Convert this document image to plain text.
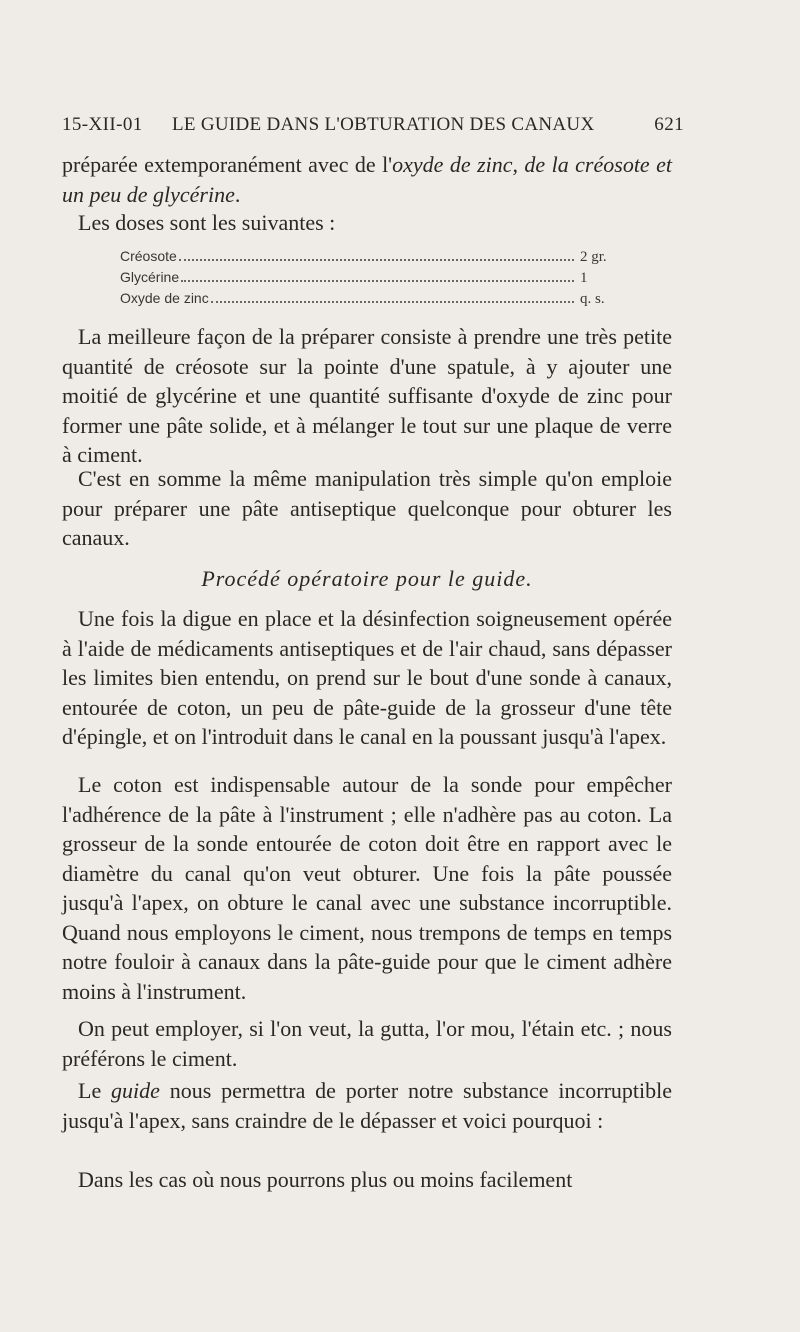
15-XII-01 LE GUIDE DANS L'OBTURATION DES CANAUX	621

préparée extemporanément avec de l'oxyde de zinc, de la créosote et un peu de glycérine.

Les doses sont les suivantes :

Créosote	2 gr.
Glycérine	1
Oxyde de zinc	q. s.

La meilleure façon de la préparer consiste à prendre une très petite quantité de créosote sur la pointe d'une spatule, à y ajouter une moitié de glycérine et une quantité suffisante d'oxyde de zinc pour former une pâte solide, et à mélanger le tout sur une plaque de verre à ciment.

C'est en somme la même manipulation très simple qu'on emploie pour préparer une pâte antiseptique quelconque pour obturer les canaux.

Procédé opératoire pour le guide.

Une fois la digue en place et la désinfection soigneusement opérée à l'aide de médicaments antiseptiques et de l'air chaud, sans dépasser les limites bien entendu, on prend sur le bout d'une sonde à canaux, entourée de coton, un peu de pâte-guide de la grosseur d'une tête d'épingle, et on l'introduit dans le canal en la poussant jusqu'à l'apex.

Le coton est indispensable autour de la sonde pour empêcher l'adhérence de la pâte à l'instrument ; elle n'adhère pas au coton. La grosseur de la sonde entourée de coton doit être en rapport avec le diamètre du canal qu'on veut obturer. Une fois la pâte poussée jusqu'à l'apex, on obture le canal avec une substance incorruptible. Quand nous employons le ciment, nous trempons de temps en temps notre fouloir à canaux dans la pâte-guide pour que le ciment adhère moins à l'instrument.

On peut employer, si l'on veut, la gutta, l'or mou, l'étain etc. ; nous préférons le ciment.

Le guide nous permettra de porter notre substance incorruptible jusqu'à l'apex, sans craindre de le dépasser et voici pourquoi :

Dans les cas où nous pourrons plus ou moins facilement
